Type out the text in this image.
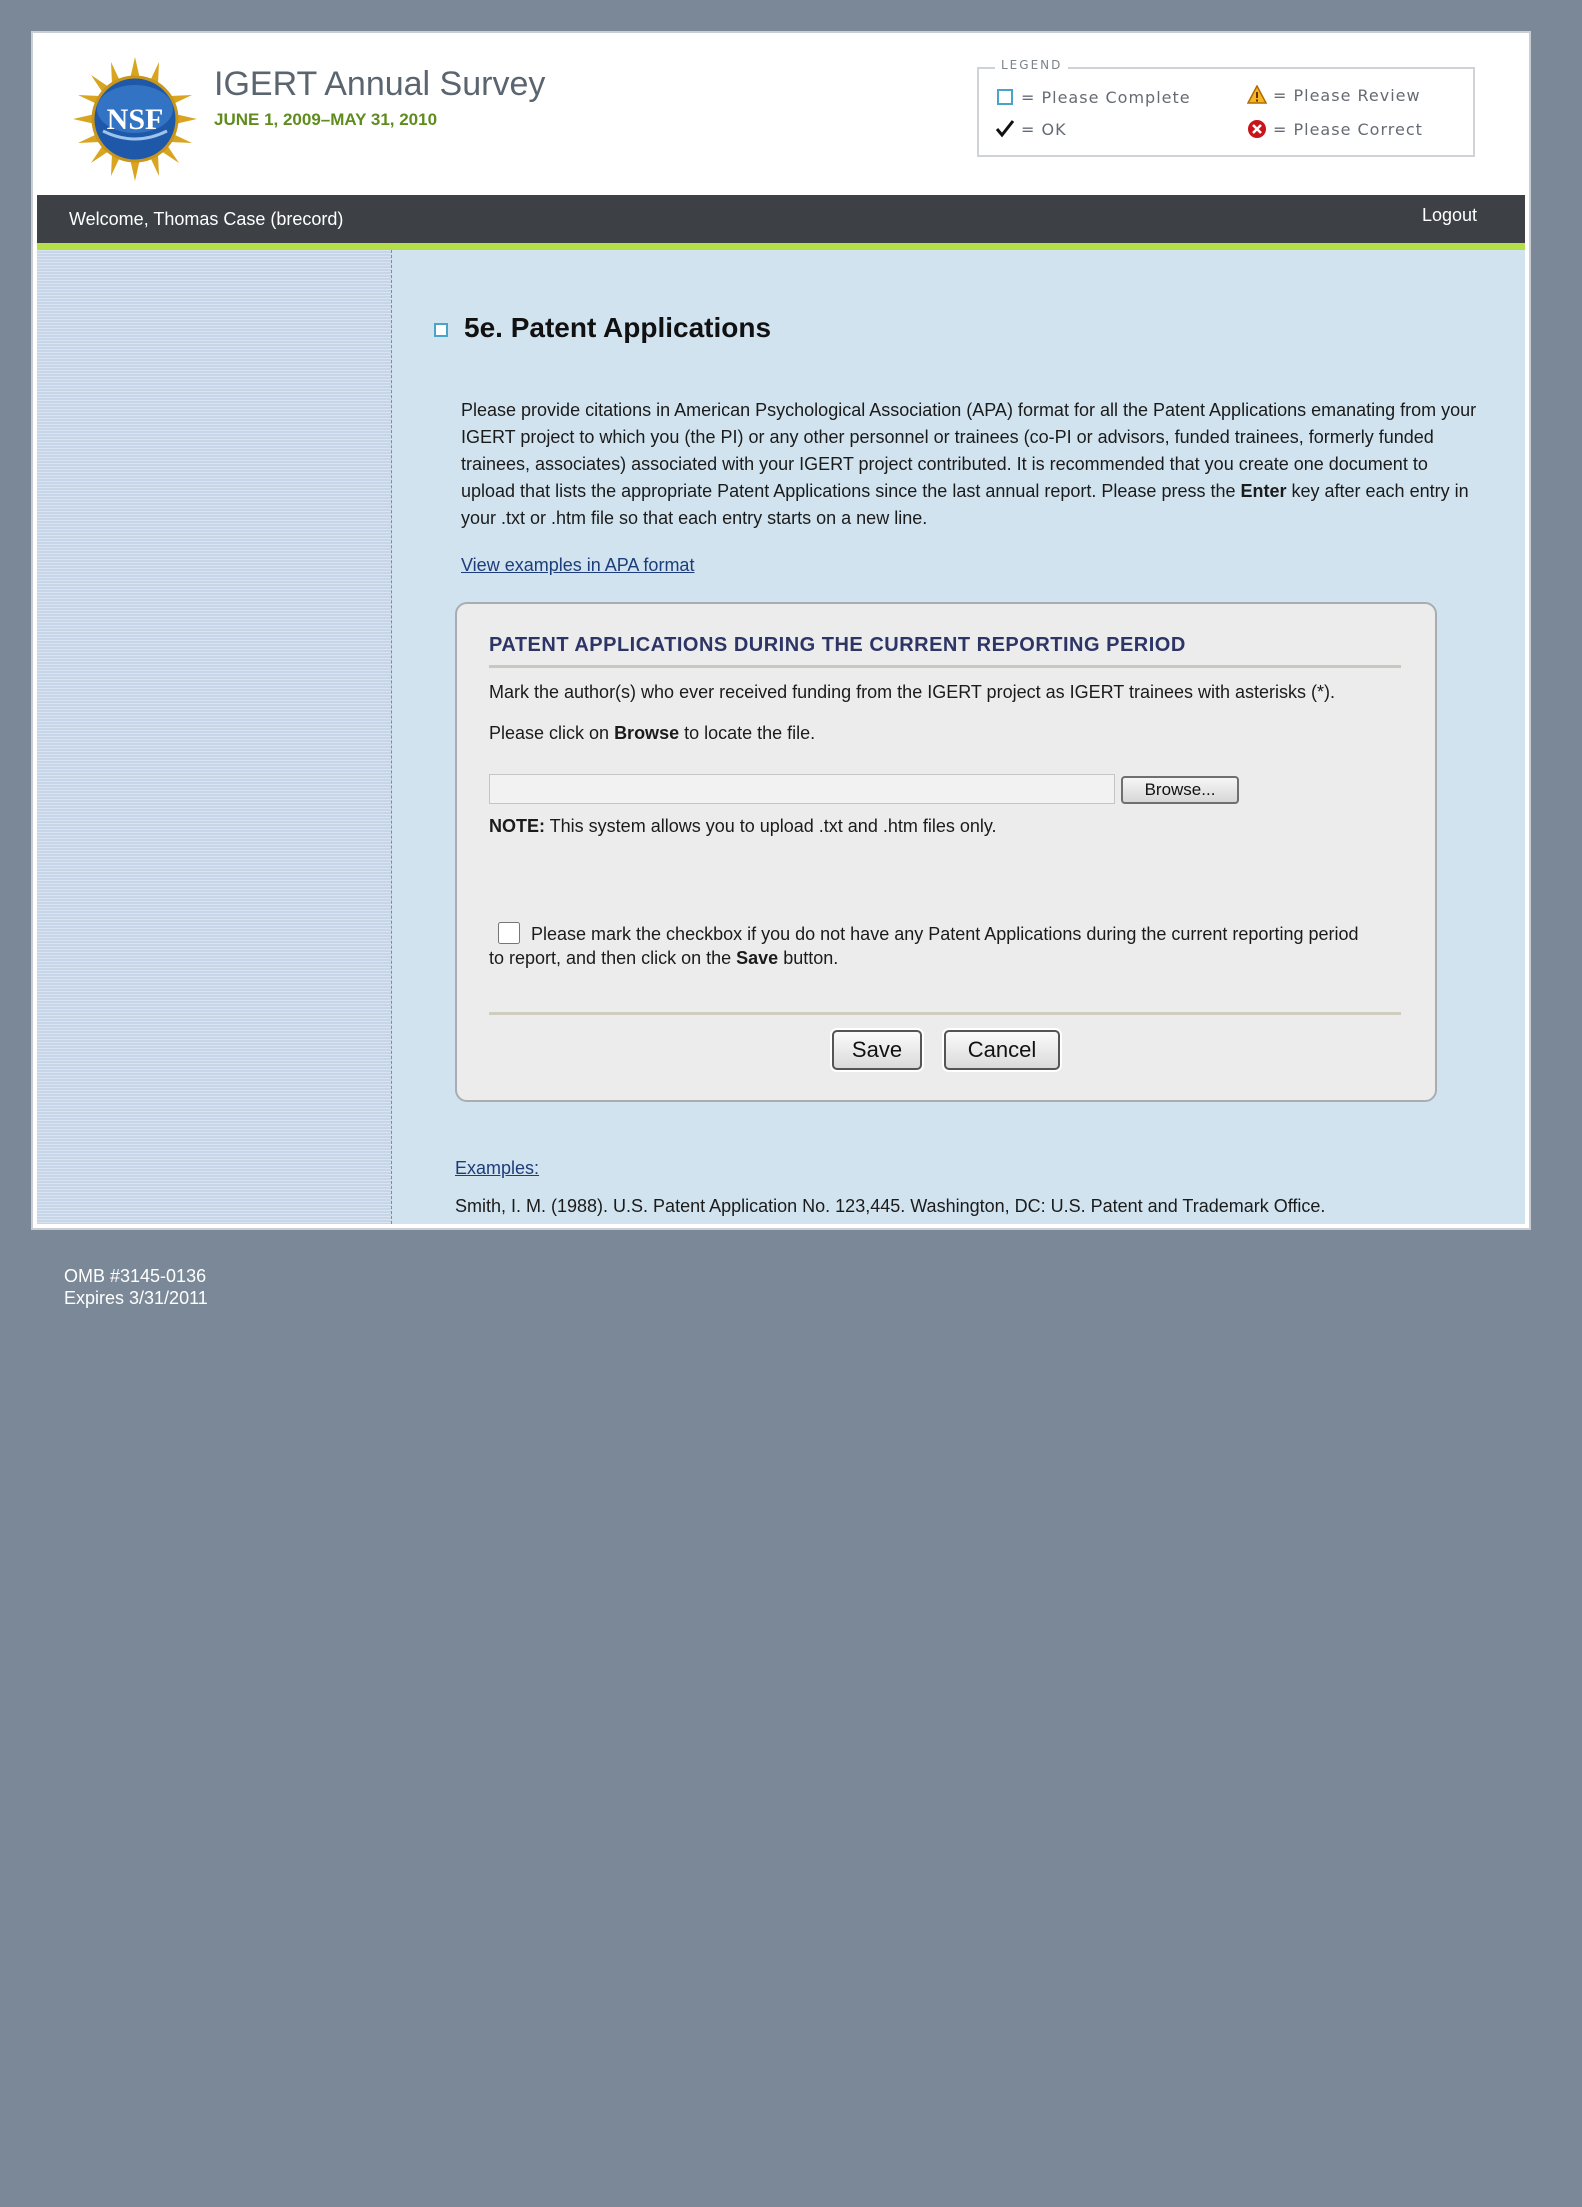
NSF
IGERT Annual Survey
JUNE 1, 2009–MAY 31, 2010
LEGEND
= Please Complete	= Please Review
= OK	= Please Correct
Welcome, Thomas Case (brecord)	Logout
5e. Patent Applications
Please provide citations in American Psychological Association (APA) format for all the Patent Applications emanating from your IGERT project to which you (the PI) or any other personnel or trainees (co-PI or advisors, funded trainees, formerly funded trainees, associates) associated with your IGERT project contributed. It is recommended that you create one document to upload that lists the appropriate Patent Applications since the last annual report. Please press the Enter key after each entry in your .txt or .htm file so that each entry starts on a new line.
View examples in APA format
PATENT APPLICATIONS DURING THE CURRENT REPORTING PERIOD
Mark the author(s) who ever received funding from the IGERT project as IGERT trainees with asterisks (*).
Please click on Browse to locate the file.
Browse...
NOTE: This system allows you to upload .txt and .htm files only.
Please mark the checkbox if you do not have any Patent Applications during the current reporting period to report, and then click on the Save button.
Save	Cancel
Examples:
Smith, I. M. (1988). U.S. Patent Application No. 123,445. Washington, DC: U.S. Patent and Trademark Office.
OMB #3145-0136
Expires 3/31/2011
